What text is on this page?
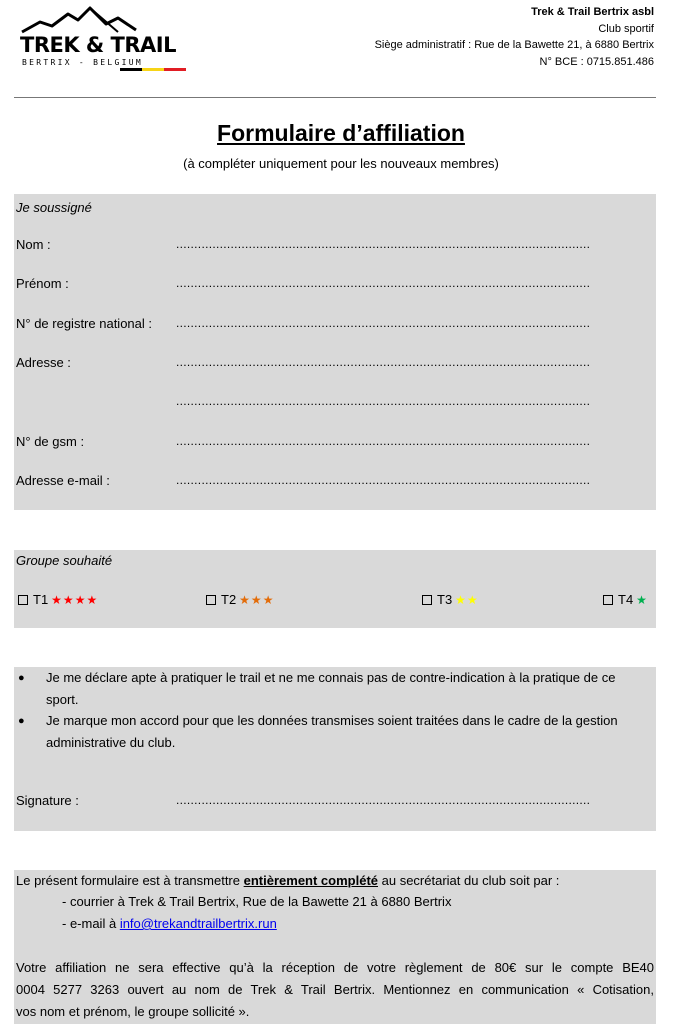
TREK & TRAIL
BERTRIX - BELGIUM
Trek & Trail Bertrix asbl
Club sportif
Siège administratif : Rue de la Bawette 21, à 6880 Bertrix
N° BCE : 0715.851.486
Formulaire d’affiliation
(à compléter uniquement pour les nouveaux membres)
Je soussigné
Nom :	..................................................................................................................
Prénom :	..................................................................................................................
N° de registre national : ..................................................................................................................
Adresse :	..................................................................................................................
..................................................................................................................
N° de gsm :	..................................................................................................................
Adresse e-mail :	..................................................................................................................
Groupe souhaité
T1 ★★★★	T2 ★★★	T3 ★★	T4 ★
● Je me déclare apte à pratiquer le trail et ne me connais pas de contre-indication à la pratique de ce
sport.
● Je marque mon accord pour que les données transmises soient traitées dans le cadre de la gestion
administrative du club.
Signature :	..................................................................................................................
Le présent formulaire est à transmettre entièrement complété au secrétariat du club soit par :
- courrier à Trek & Trail Bertrix, Rue de la Bawette 21 à 6880 Bertrix
- e-mail à info@trekandtrailbertrix.run
Votre affiliation ne sera effective qu’à la réception de votre règlement de 80€ sur le compte BE40
0004 5277 3263 ouvert au nom de Trek & Trail Bertrix. Mentionnez en communication « Cotisation,
vos nom et prénom, le groupe sollicité ».
